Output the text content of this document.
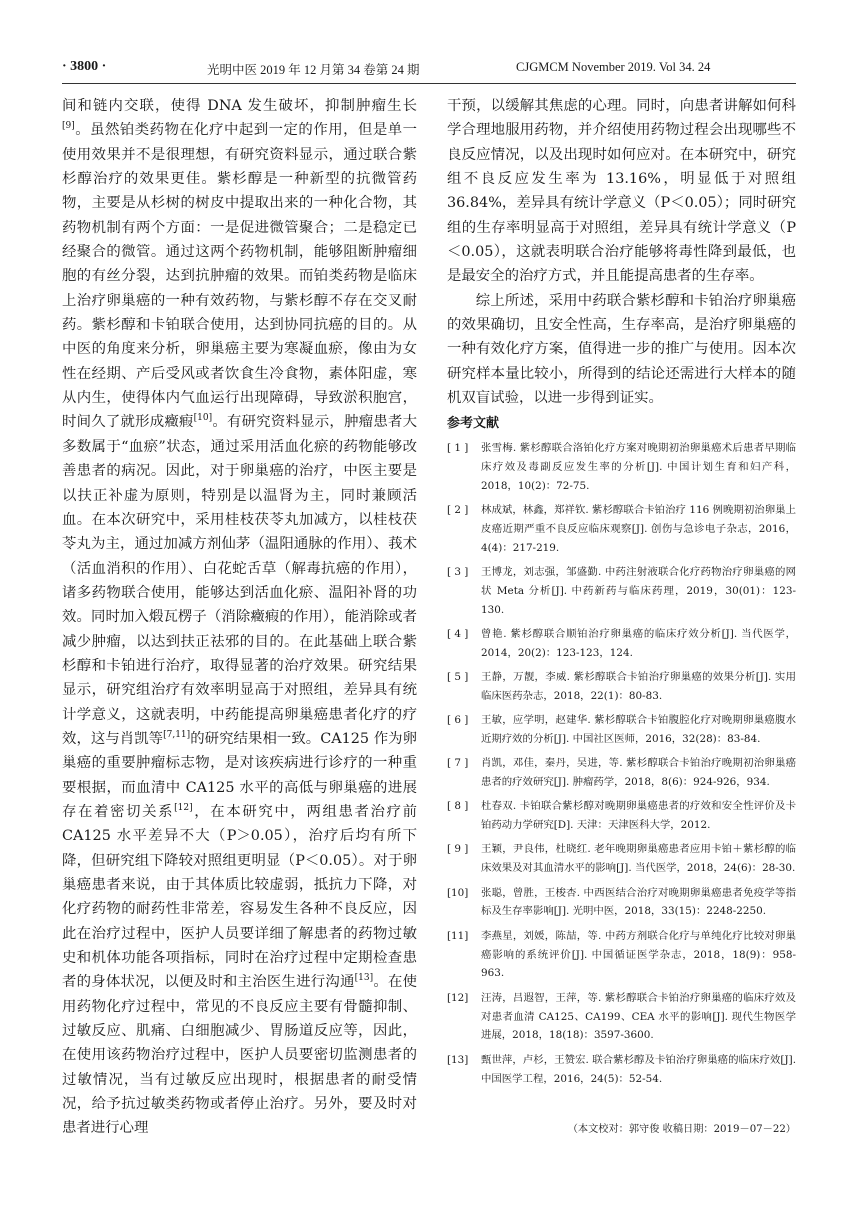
· 3800 ·	光明中医 2019 年 12 月第 34 卷第 24 期	CJGMCM November 2019. Vol 34. 24

间和链内交联，使得 DNA 发生破坏，抑制肿瘤生长[9]。虽然铂类药物在化疗中起到一定的作用，但是单一使用效果并不是很理想，有研究资料显示，通过联合紫杉醇治疗的效果更佳。紫杉醇是一种新型的抗微管药物，主要是从杉树的树皮中提取出来的一种化合物，其药物机制有两个方面：一是促进微管聚合；二是稳定已经聚合的微管。通过这两个药物机制，能够阻断肿瘤细胞的有丝分裂，达到抗肿瘤的效果。而铂类药物是临床上治疗卵巢癌的一种有效药物，与紫杉醇不存在交叉耐药。紫杉醇和卡铂联合使用，达到协同抗癌的目的。从中医的角度来分析，卵巢癌主要为寒凝血瘀，像由为女性在经期、产后受风或者饮食生冷食物，素体阳虚，寒从内生，使得体内气血运行出现障碍，导致淤积胞宫，时间久了就形成癥瘕[10]。有研究资料显示，肿瘤患者大多数属于“血瘀”状态，通过采用活血化瘀的药物能够改善患者的病况。因此，对于卵巢癌的治疗，中医主要是以扶正补虚为原则，特别是以温肾为主，同时兼顾活血。在本次研究中，采用桂枝茯苓丸加减方，以桂枝茯苓丸为主，通过加减方剂仙茅（温阳通脉的作用）、莪术（活血消积的作用）、白花蛇舌草（解毒抗癌的作用），诸多药物联合使用，能够达到活血化瘀、温阳补肾的功效。同时加入煅瓦楞子（消除癥瘕的作用），能消除或者减少肿瘤，以达到扶正祛邪的目的。在此基础上联合紫杉醇和卡铂进行治疗，取得显著的治疗效果。研究结果显示，研究组治疗有效率明显高于对照组，差异具有统计学意义，这就表明，中药能提高卵巢癌患者化疗的疗效，这与肖凯等[7,11]的研究结果相一致。CA125 作为卵巢癌的重要肿瘤标志物，是对该疾病进行诊疗的一种重要根据，而血清中 CA125 水平的高低与卵巢癌的进展存在着密切关系[12]，在本研究中，两组患者治疗前 CA125 水平差异不大（P＞0.05），治疗后均有所下降，但研究组下降较对照组更明显（P＜0.05）。对于卵巢癌患者来说，由于其体质比较虚弱，抵抗力下降，对化疗药物的耐药性非常差，容易发生各种不良反应，因此在治疗过程中，医护人员要详细了解患者的药物过敏史和机体功能各项指标，同时在治疗过程中定期检查患者的身体状况，以便及时和主治医生进行沟通[13]。在使用药物化疗过程中，常见的不良反应主要有骨髓抑制、过敏反应、肌痛、白细胞减少、胃肠道反应等，因此，在使用该药物治疗过程中，医护人员要密切监测患者的过敏情况，当有过敏反应出现时，根据患者的耐受情况，给予抗过敏类药物或者停止治疗。另外，要及时对患者进行心理

干预，以缓解其焦虑的心理。同时，向患者讲解如何科学合理地服用药物，并介绍使用药物过程会出现哪些不良反应情况，以及出现时如何应对。在本研究中，研究组不良反应发生率为 13.16%，明显低于对照组 36.84%，差异具有统计学意义（P＜0.05）；同时研究组的生存率明显高于对照组，差异具有统计学意义（P＜0.05），这就表明联合治疗能够将毒性降到最低，也是最安全的治疗方式，并且能提高患者的生存率。

综上所述，采用中药联合紫杉醇和卡铂治疗卵巢癌的效果确切，且安全性高，生存率高，是治疗卵巢癌的一种有效化疗方案，值得进一步的推广与使用。因本次研究样本量比较小，所得到的结论还需进行大样本的随机双盲试验，以进一步得到证实。

参考文献
[ 1 ] 张雪梅. 紫杉醇联合洛铂化疗方案对晚期初治卵巢癌术后患者早期临床疗效及毒副反应发生率的分析[J]. 中国计划生育和妇产科，2018，10(2)：72-75.
[ 2 ] 林成斌，林鑫，郑祥钦. 紫杉醇联合卡铂治疗 116 例晚期初治卵巢上皮癌近期严重不良反应临床观察[J]. 创伤与急诊电子杂志，2016，4(4)：217-219.
[ 3 ] 王博龙，刘志强，邹盛勤. 中药注射液联合化疗药物治疗卵巢癌的网状 Meta 分析[J]. 中药新药与临床药理，2019，30(01)：123-130.
[ 4 ] 曾艳. 紫杉醇联合顺铂治疗卵巢癌的临床疗效分析[J]. 当代医学，2014，20(2)：123-123，124.
[ 5 ] 王静，万靓，李威. 紫杉醇联合卡铂治疗卵巢癌的效果分析[J]. 实用临床医药杂志，2018，22(1)：80-83.
[ 6 ] 王敏，应学明，赵建华. 紫杉醇联合卡铂腹腔化疗对晚期卵巢癌腹水近期疗效的分析[J]. 中国社区医师，2016，32(28)：83-84.
[ 7 ] 肖凯，邓佳，秦丹，吴进，等. 紫杉醇联合卡铂治疗晚期初治卵巢癌患者的疗效研究[J]. 肿瘤药学，2018，8(6)：924-926，934.
[ 8 ] 杜春双. 卡铂联合紫杉醇对晚期卵巢癌患者的疗效和安全性评价及卡铂药动力学研究[D]. 天津：天津医科大学，2012.
[ 9 ] 王颖，尹良伟，杜晓红. 老年晚期卵巢癌患者应用卡铂＋紫杉醇的临床效果及对其血清水平的影响[J]. 当代医学，2018，24(6)：28-30.
[10] 张聪，曾胜，王梭杏. 中西医结合治疗对晚期卵巢癌患者免疫学等指标及生存率影响[J]. 光明中医，2018，33(15)：2248-2250.
[11] 李燕星，刘媛，陈喆，等. 中药方剂联合化疗与单纯化疗比较对卵巢癌影响的系统评价[J]. 中国循证医学杂志，2018，18(9)：958-963.
[12] 汪涛，吕遐智，王萍，等. 紫杉醇联合卡铂治疗卵巢癌的临床疗效及对患者血清 CA125、CA199、CEA 水平的影响[J]. 现代生物医学进展，2018，18(18)：3597-3600.
[13] 甄世萍，卢杉，王赞宏. 联合紫杉醇及卡铂治疗卵巢癌的临床疗效[J]. 中国医学工程，2016，24(5)：52-54.
（本文校对：郭守俊 收稿日期：2019－07－22）
